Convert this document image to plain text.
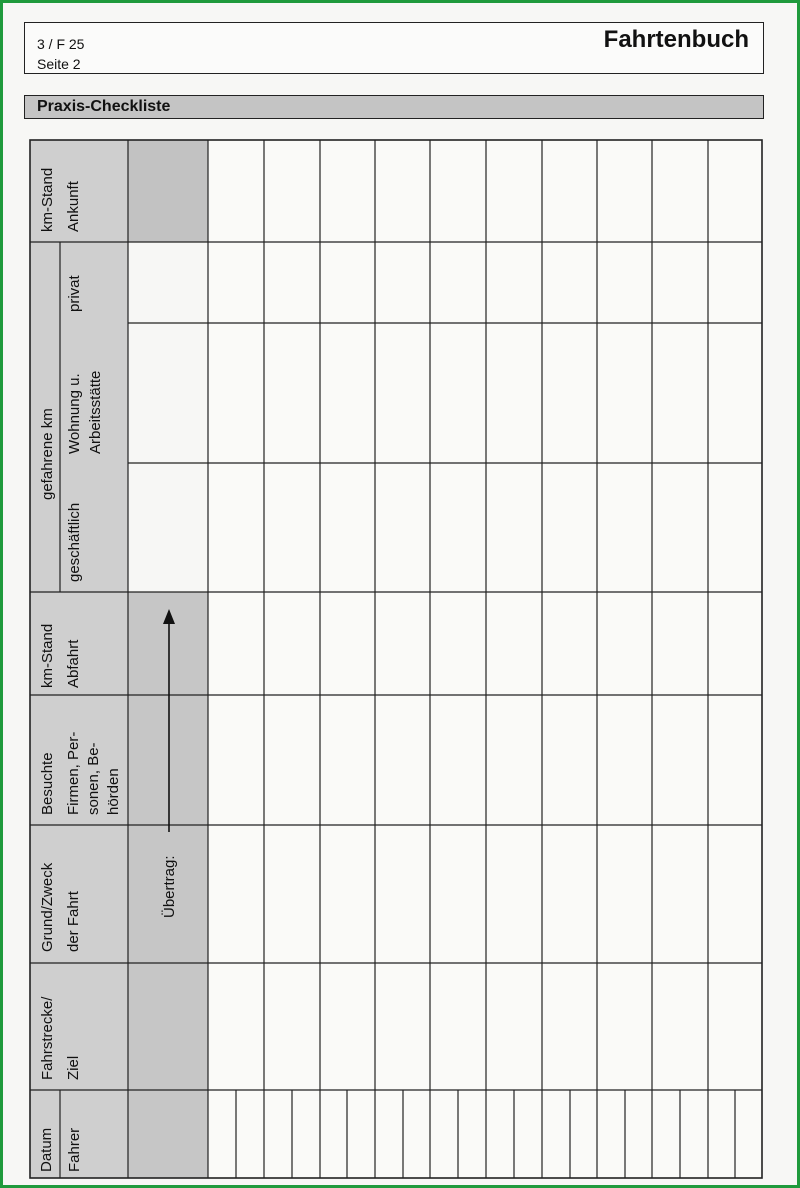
3 / F 25
Seite 2
Fahrtenbuch
Praxis-Checkliste
km-Stand Ankunft
gefahrene km
privat
Wohnung u. Arbeitsstätte
geschäftlich
km-Stand Abfahrt
Besuchte Firmen, Per- sonen, Be- hörden
Grund/Zweck der Fahrt
Fahrstrecke/ Ziel
Datum Fahrer
Übertrag:
